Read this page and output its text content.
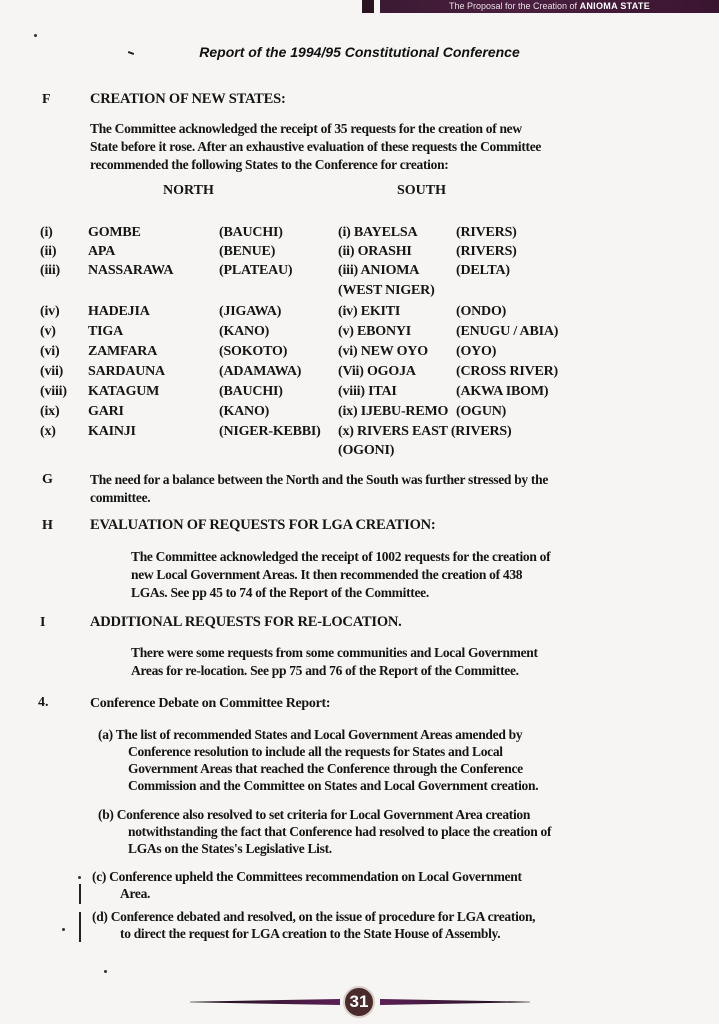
The Proposal for the Creation of ANIOMA STATE
Report of the 1994/95 Constitutional Conference
F	CREATION OF NEW STATES:
The Committee acknowledged the receipt of 35 requests for the creation of new
State before it rose. After an exhaustive evaluation of these requests the Committee
recommended the following States to the Conference for creation:
NORTH	SOUTH
(i)	GOMBE	(BAUCHI)	(i) BAYELSA	(RIVERS)
(ii) APA	(BENUE)	(ii) ORASHI	(RIVERS)
(iii) NASSARAWA	(PLATEAU)	(iii) ANIOMA	(DELTA)
(WEST NIGER)
(iv) HADEJIA	(JIGAWA)	(iv) EKITI	(ONDO)
(v) TIGA	(KANO)	(v) EBONYI	(ENUGU / ABIA)
(vi) ZAMFARA	(SOKOTO)	(vi) NEW OYO (OYO)
(vii) SARDAUNA	(ADAMAWA)	(Vii) OGOJA	(CROSS RIVER)
(viii) KATAGUM	(BAUCHI)	(viii) ITAI	(AKWA IBOM)
(ix) GARI	(KANO)	(ix) IJEBU-REMO (OGUN)
(x) KAINJI	(NIGER-KEBBI) (x) RIVERS EAST (RIVERS)
(OGONI)
G	The need for a balance between the North and the South was further stressed by the
committee.
H	EVALUATION OF REQUESTS FOR LGA CREATION:
The Committee acknowledged the receipt of 1002 requests for the creation of
new Local Government Areas. It then recommended the creation of 438
LGAs. See pp 45 to 74 of the Report of the Committee.
I	ADDITIONAL REQUESTS FOR RE-LOCATION.
There were some requests from some communities and Local Government
Areas for re-location. See pp 75 and 76 of the Report of the Committee.
4.	Conference Debate on Committee Report:
(a) The list of recommended States and Local Government Areas amended by
Conference resolution to include all the requests for States and Local
Government Areas that reached the Conference through the Conference
Commission and the Committee on States and Local Government creation.
(b) Conference also resolved to set criteria for Local Government Area creation
notwithstanding the fact that Conference had resolved to place the creation of
LGAs on the States's Legislative List.
(c) Conference upheld the Committees recommendation on Local Government
Area.
(d) Conference debated and resolved, on the issue of procedure for LGA creation,
to direct the request for LGA creation to the State House of Assembly.
31
